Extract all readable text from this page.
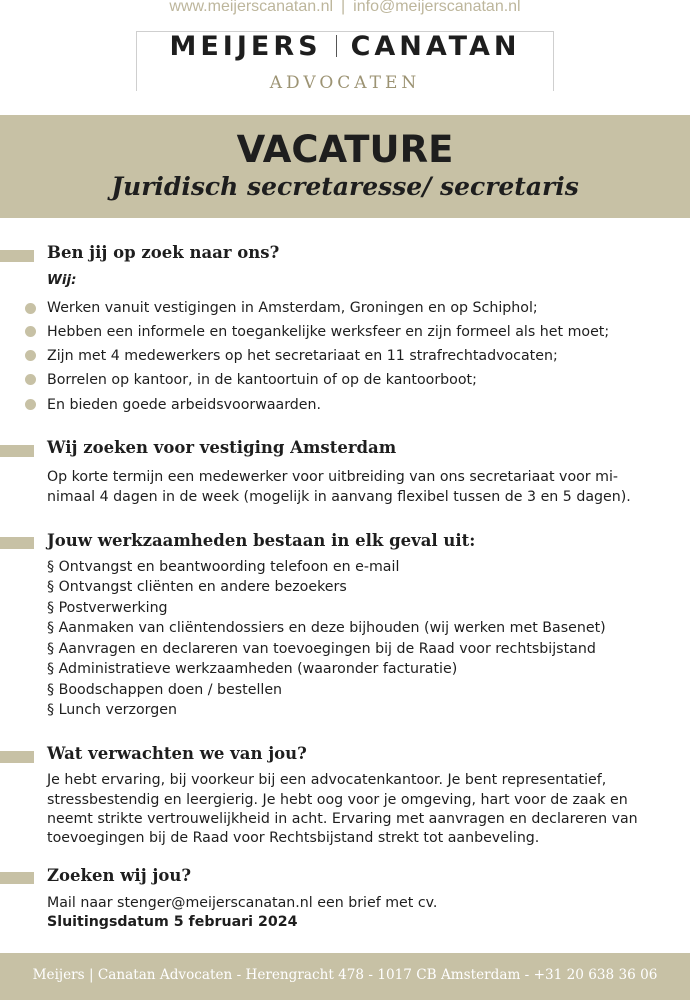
www.meijerscanatan.nl | info@meijerscanatan.nl
MEIJERS CANATAN
ADVOCATEN
VACATURE
Juridisch secretaresse/ secretaris
Ben jij op zoek naar ons?
Wij:
Werken vanuit vestigingen in Amsterdam, Groningen en op Schiphol;
Hebben een informele en toegankelijke werksfeer en zijn formeel als het moet;
Zijn met 4 medewerkers op het secretariaat en 11 strafrechtadvocaten;
Borrelen op kantoor, in de kantoortuin of op de kantoorboot;
En bieden goede arbeidsvoorwaarden.
Wij zoeken voor vestiging Amsterdam
Op korte termijn een medewerker voor uitbreiding van ons secretariaat voor mi-
nimaal 4 dagen in de week (mogelijk in aanvang flexibel tussen de 3 en 5 dagen).
Jouw werkzaamheden bestaan in elk geval uit:
§ Ontvangst en beantwoording telefoon en e-mail
§ Ontvangst cliënten en andere bezoekers
§ Postverwerking
§ Aanmaken van cliëntendossiers en deze bijhouden (wij werken met Basenet)
§ Aanvragen en declareren van toevoegingen bij de Raad voor rechtsbijstand
§ Administratieve werkzaamheden (waaronder facturatie)
§ Boodschappen doen / bestellen
§ Lunch verzorgen
Wat verwachten we van jou?
Je hebt ervaring, bij voorkeur bij een advocatenkantoor. Je bent representatief,
stressbestendig en leergierig. Je hebt oog voor je omgeving, hart voor de zaak en
neemt strikte vertrouwelijkheid in acht. Ervaring met aanvragen en declareren van
toevoegingen bij de Raad voor Rechtsbijstand strekt tot aanbeveling.
Zoeken wij jou?
Mail naar stenger@meijerscanatan.nl een brief met cv.
Sluitingsdatum 5 februari 2024
Meijers | Canatan Advocaten - Herengracht 478 - 1017 CB Amsterdam - +31 20 638 36 06
